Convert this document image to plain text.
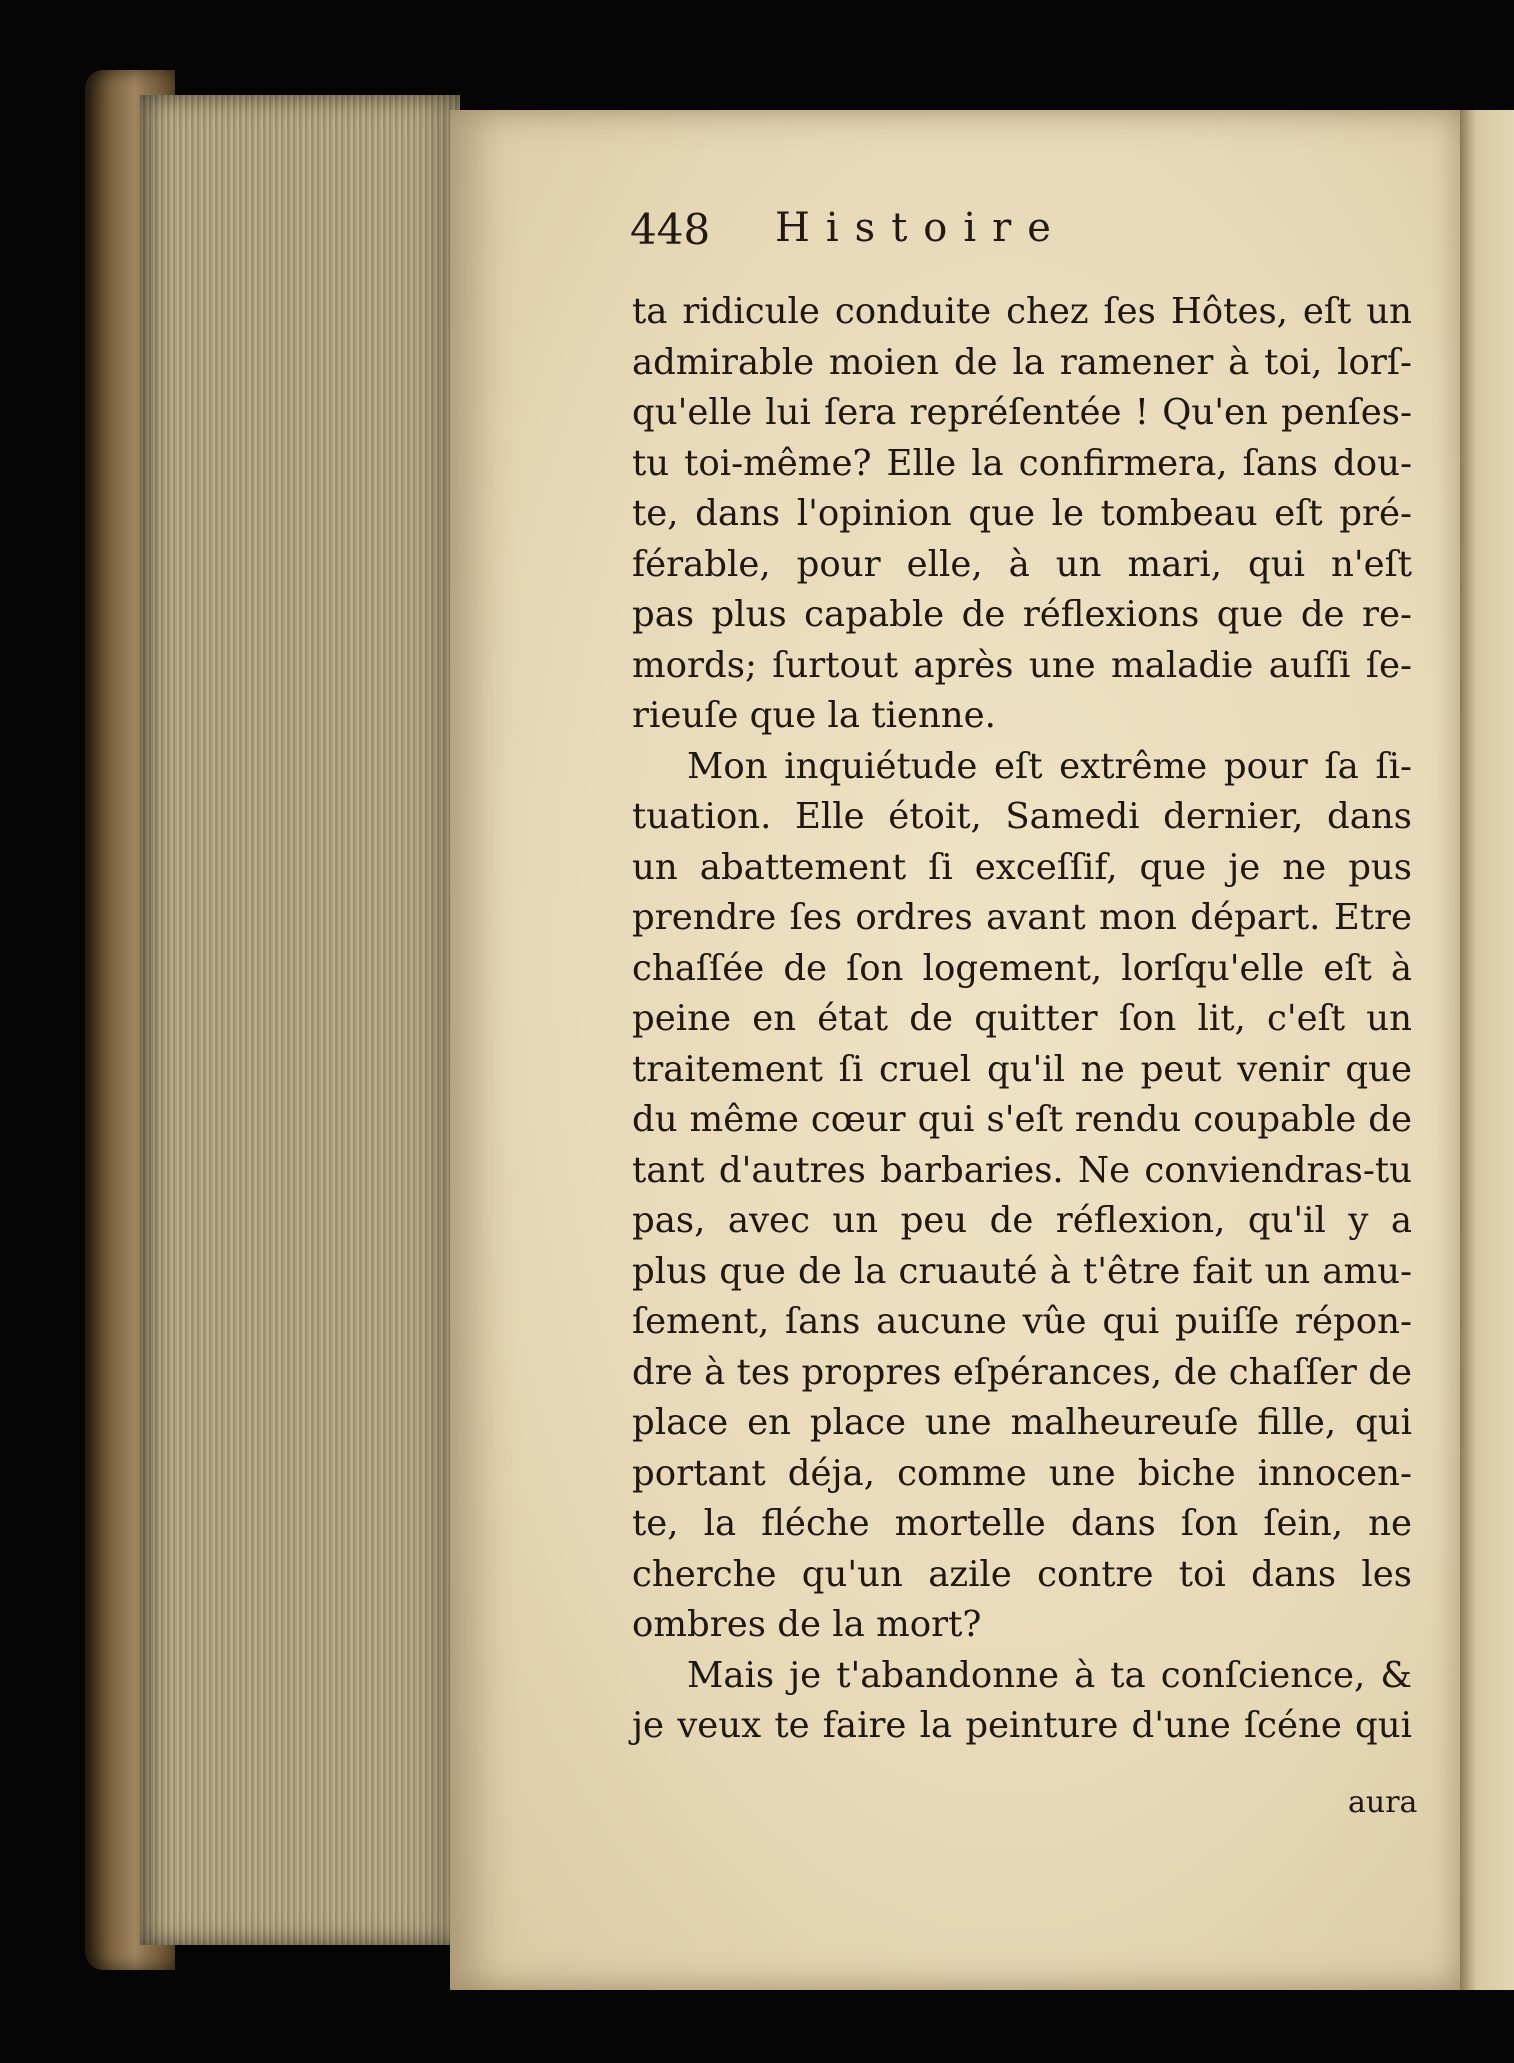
448 Histoire
ta ridicule conduite chez ſes Hôtes, eſt un
admirable moien de la ramener à toi, lorſ-
qu'elle lui ſera repréſentée ! Qu'en penſes-
tu toi-même? Elle la confirmera, ſans dou-
te, dans l'opinion que le tombeau eſt pré-
férable, pour elle, à un mari, qui n'eſt
pas plus capable de réflexions que de re-
mords; ſurtout après une maladie auſſi ſe-
rieuſe que la tienne.
Mon inquiétude eſt extrême pour ſa ſi-
tuation. Elle étoit, Samedi dernier, dans
un abattement ſi exceſſif, que je ne pus
prendre ſes ordres avant mon départ. Etre
chaſſée de ſon logement, lorſqu'elle eſt à
peine en état de quitter ſon lit, c'eſt un
traitement ſi cruel qu'il ne peut venir que
du même cœur qui s'eſt rendu coupable de
tant d'autres barbaries. Ne conviendras-tu
pas, avec un peu de réflexion, qu'il y a
plus que de la cruauté à t'être fait un amu-
ſement, ſans aucune vûe qui puiſſe répon-
dre à tes propres eſpérances, de chaſſer de
place en place une malheureuſe fille, qui
portant déja, comme une biche innocen-
te, la fléche mortelle dans ſon ſein, ne
cherche qu'un azile contre toi dans les
ombres de la mort?
Mais je t'abandonne à ta conſcience, &
je veux te faire la peinture d'une ſcéne qui
aura
